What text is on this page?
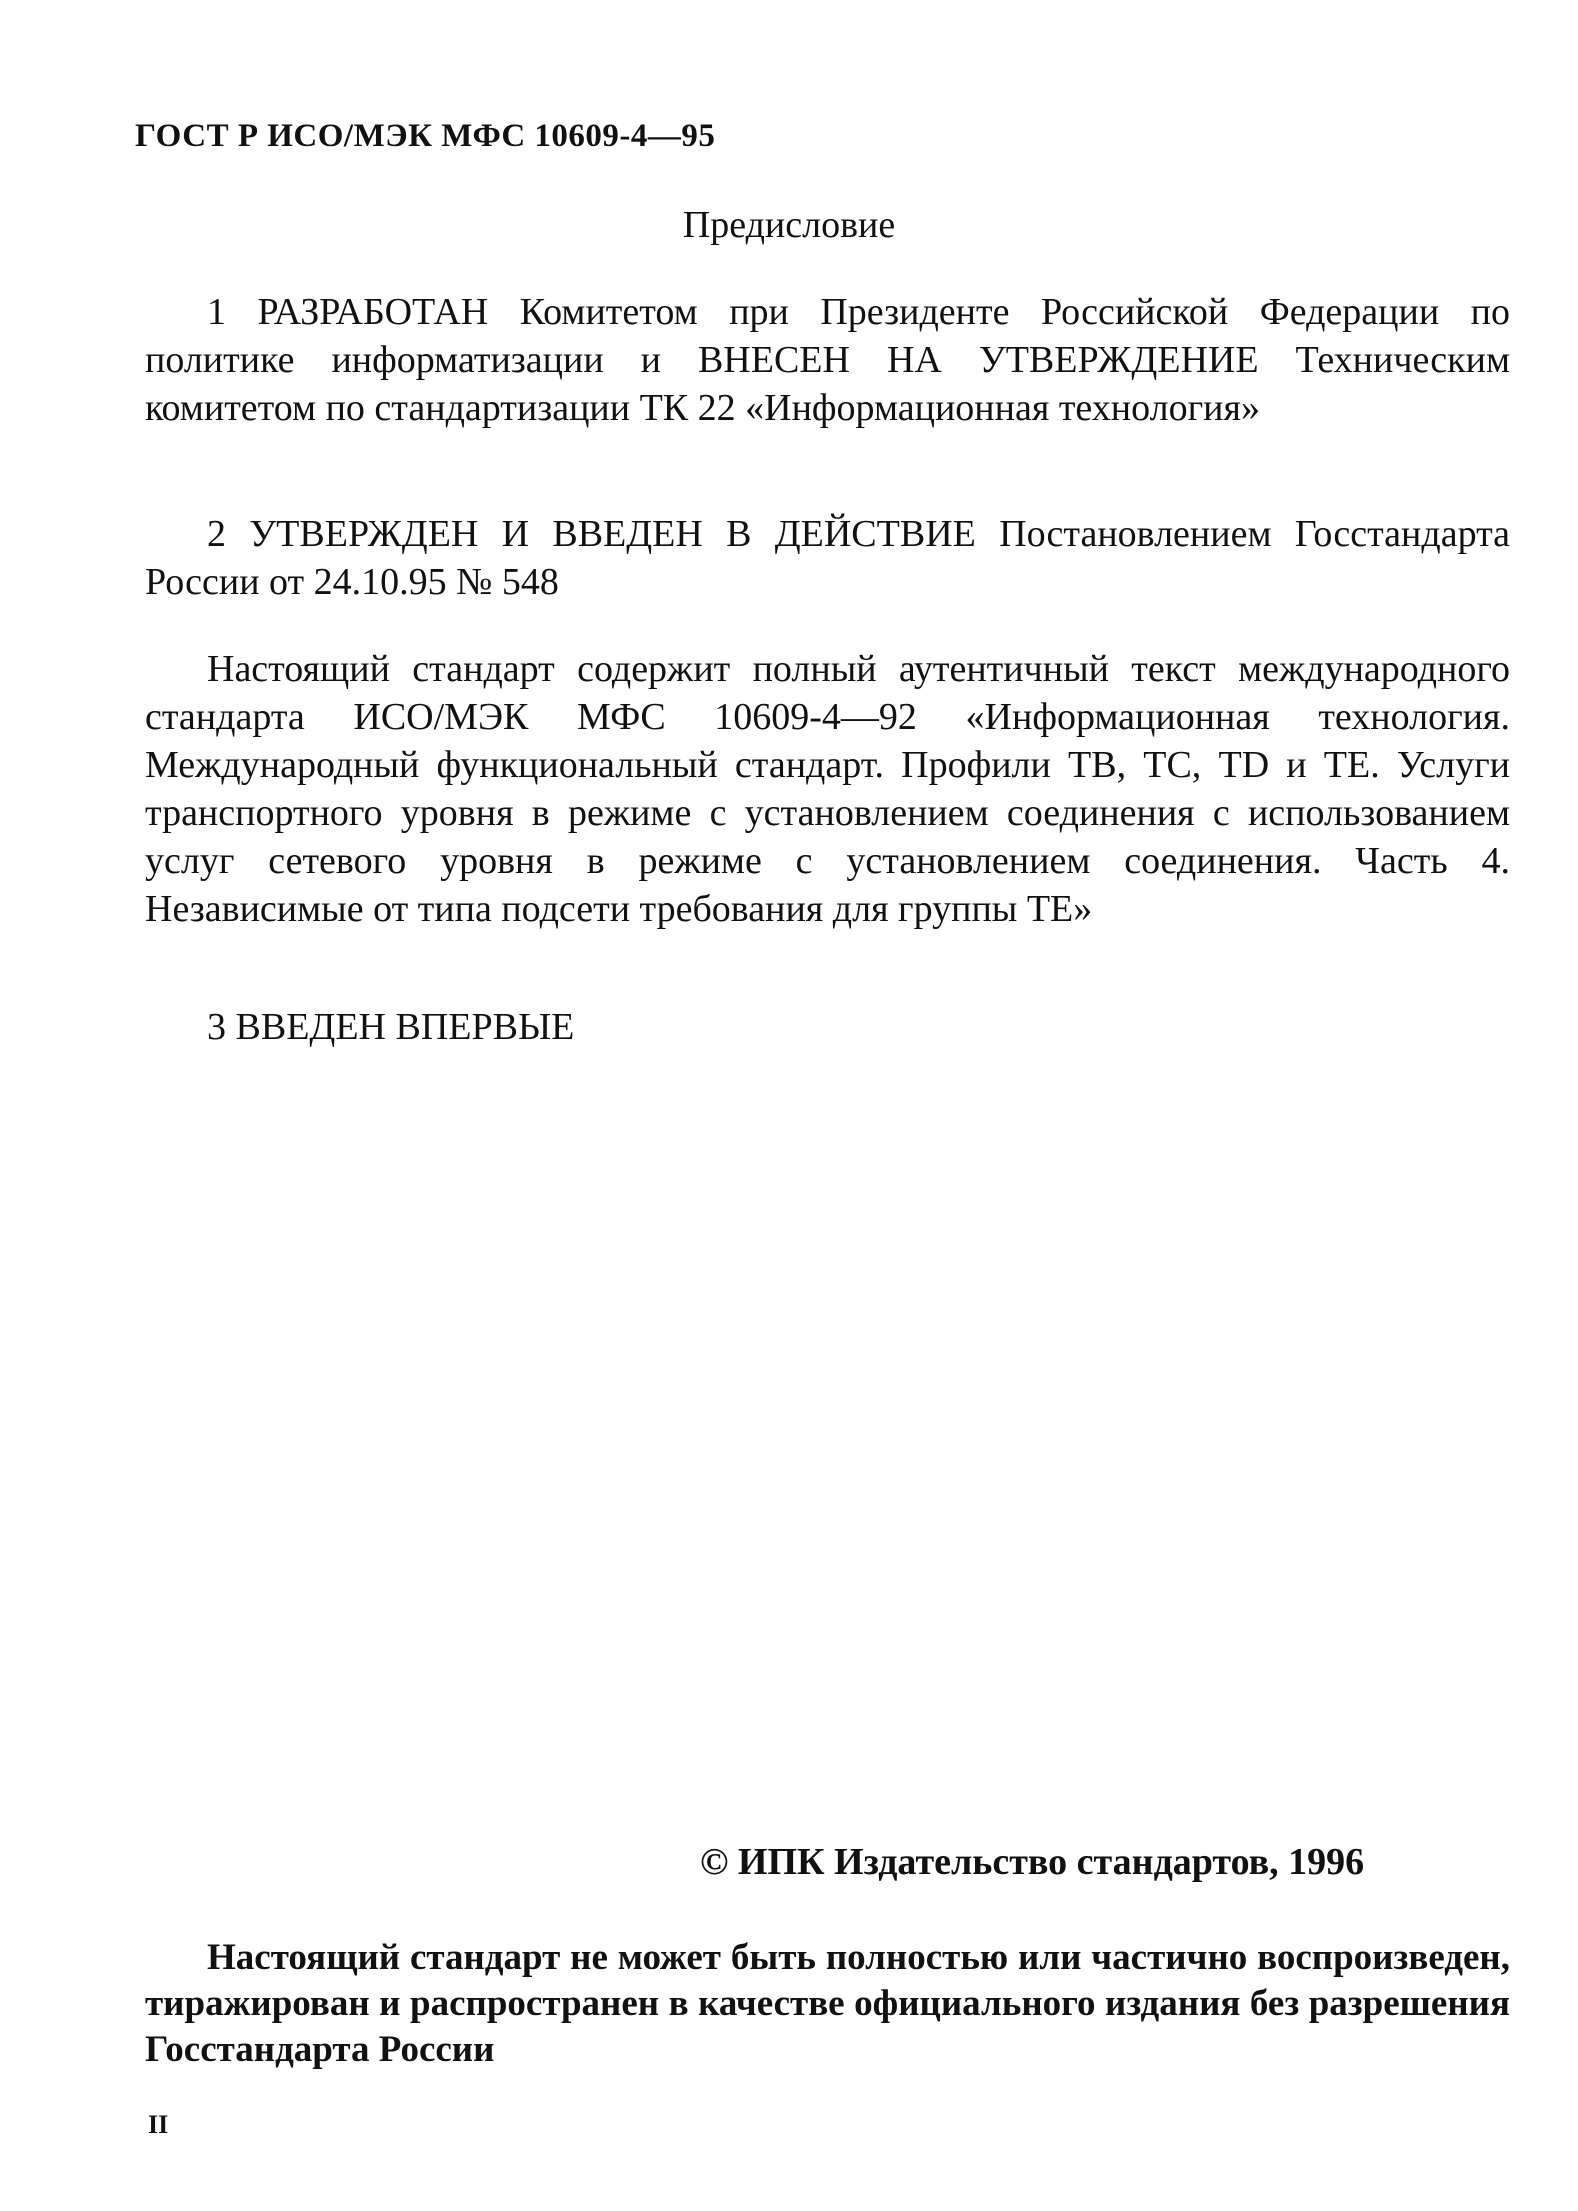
ГОСТ Р ИСО/МЭК МФС 10609-4—95
Предисловие

1 РАЗРАБОТАН Комитетом при Президенте Российской Федерации по политике информатизации и ВНЕСЕН НА УТВЕРЖДЕНИЕ Техническим комитетом по стандартизации ТК 22 «Информационная технология»

2 УТВЕРЖДЕН И ВВЕДЕН В ДЕЙСТВИЕ Постановлением Госстандарта России от 24.10.95 № 548

Настоящий стандарт содержит полный аутентичный текст международного стандарта ИСО/МЭК МФС 10609-4—92 «Информационная технология. Международный функциональный стандарт. Профили ТВ, ТС, TD и ТЕ. Услуги транспортного уровня в режиме с установлением соединения с использованием услуг сетевого уровня в режиме с установлением соединения. Часть 4. Независимые от типа подсети требования для группы ТЕ»

3 ВВЕДЕН ВПЕРВЫЕ

© ИПК Издательство стандартов, 1996

Настоящий стандарт не может быть полностью или частично воспроизведен, тиражирован и распространен в качестве официального издания без разрешения Госстандарта России

II
